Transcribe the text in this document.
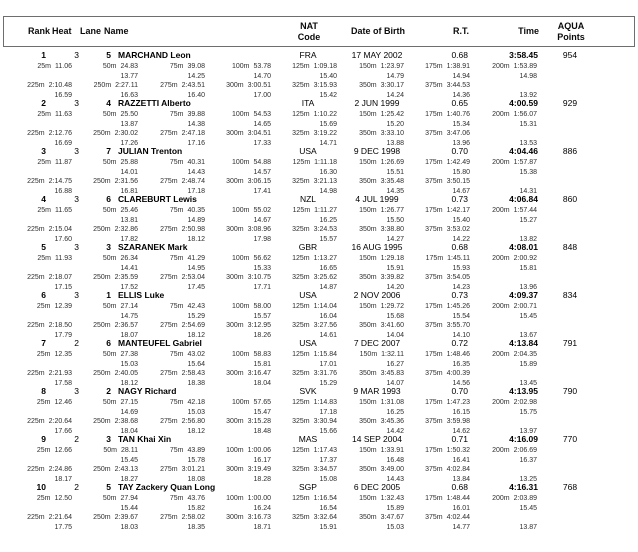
Rank Heat Lane Name
NAT
Code
Date of Birth	R.T.	Time
AQUA
Points
1	3	5 MARCHAND Leon	FRA	17 MAY 2002	0.68	3:58.45	954
25m 11.06	50m 24.83	75m 39.08	100m 53.78	125m 1:09.18	150m 1:23.97	175m 1:38.91	200m 1:53.89
13.77	14.25	14.70	15.40	14.79	14.94	14.98
225m 2:10.48	250m 2:27.11	275m 2:43.51	300m 3:00.51	325m 3:15.93	350m 3:30.17	375m 3:44.53
16.59	16.63	16.40	17.00	15.42	14.24	14.36	13.92
2	3	4 RAZZETTI Alberto	ITA	2 JUN 1999	0.65	4:00.59	929
25m 11.63	50m 25.50	75m 39.88	100m 54.53	125m 1:10.22	150m 1:25.42	175m 1:40.76	200m 1:56.07
13.87	14.38	14.65	15.69	15.20	15.34	15.31
225m 2:12.76	250m 2:30.02	275m 2:47.18	300m 3:04.51	325m 3:19.22	350m 3:33.10	375m 3:47.06
16.69	17.26	17.16	17.33	14.71	13.88	13.96	13.53
3	3	7 JULIAN Trenton	USA	9 DEC 1998	0.70	4:04.46	886
25m 11.87	50m 25.88	75m 40.31	100m 54.88	125m 1:11.18	150m 1:26.69	175m 1:42.49	200m 1:57.87
14.01	14.43	14.57	16.30	15.51	15.80	15.38
225m 2:14.75	250m 2:31.56	275m 2:48.74	300m 3:06.15	325m 3:21.13	350m 3:35.48	375m 3:50.15
16.88	16.81	17.18	17.41	14.98	14.35	14.67	14.31
4	3	6 CLAREBURT Lewis	NZL	4 JUL 1999	0.73	4:06.84	860
25m 11.65	50m 25.46	75m 40.35	100m 55.02	125m 1:11.27	150m 1:26.77	175m 1:42.17	200m 1:57.44
13.81	14.89	14.67	16.25	15.50	15.40	15.27
225m 2:15.04	250m 2:32.86	275m 2:50.98	300m 3:08.96	325m 3:24.53	350m 3:38.80	375m 3:53.02
17.60	17.82	18.12	17.98	15.57	14.27	14.22	13.82
5	3	3 SZARANEK Mark	GBR	16 AUG 1995	0.68	4:08.01	848
25m 11.93	50m 26.34	75m 41.29	100m 56.62	125m 1:13.27	150m 1:29.18	175m 1:45.11	200m 2:00.92
14.41	14.95	15.33	16.65	15.91	15.93	15.81
225m 2:18.07	250m 2:35.59	275m 2:53.04	300m 3:10.75	325m 3:25.62	350m 3:39.82	375m 3:54.05
17.15	17.52	17.45	17.71	14.87	14.20	14.23	13.96
6	3	1 ELLIS Luke	USA	2 NOV 2006	0.73	4:09.37	834
25m 12.39	50m 27.14	75m 42.43	100m 58.00	125m 1:14.04	150m 1:29.72	175m 1:45.26	200m 2:00.71
14.75	15.29	15.57	16.04	15.68	15.54	15.45
225m 2:18.50	250m 2:36.57	275m 2:54.69	300m 3:12.95	325m 3:27.56	350m 3:41.60	375m 3:55.70
17.79	18.07	18.12	18.26	14.61	14.04	14.10	13.67
7	2	6 MANTEUFEL Gabriel	USA	7 DEC 2007	0.72	4:13.84	791
25m 12.35	50m 27.38	75m 43.02	100m 58.83	125m 1:15.84	150m 1:32.11	175m 1:48.46	200m 2:04.35
15.03	15.64	15.81	17.01	16.27	16.35	15.89
225m 2:21.93	250m 2:40.05	275m 2:58.43	300m 3:16.47	325m 3:31.76	350m 3:45.83	375m 4:00.39
17.58	18.12	18.38	18.04	15.29	14.07	14.56	13.45
8	3	2 NAGY Richard	SVK	9 MAR 1993	0.70	4:13.95	790
25m 12.46	50m 27.15	75m 42.18	100m 57.65	125m 1:14.83	150m 1:31.08	175m 1:47.23	200m 2:02.98
14.69	15.03	15.47	17.18	16.25	16.15	15.75
225m 2:20.64	250m 2:38.68	275m 2:56.80	300m 3:15.28	325m 3:30.94	350m 3:45.36	375m 3:59.98
17.66	18.04	18.12	18.48	15.66	14.42	14.62	13.97
9	2	3 TAN Khai Xin	MAS	14 SEP 2004	0.71	4:16.09	770
25m 12.66	50m 28.11	75m 43.89	100m 1:00.06	125m 1:17.43	150m 1:33.91	175m 1:50.32	200m 2:06.69
15.45	15.78	16.17	17.37	16.48	16.41	16.37
225m 2:24.86	250m 2:43.13	275m 3:01.21	300m 3:19.49	325m 3:34.57	350m 3:49.00	375m 4:02.84
18.17	18.27	18.08	18.28	15.08	14.43	13.84	13.25
10	2	5 TAY Zackery Quan Long	SGP	6 DEC 2005	0.68	4:16.31	768
25m 12.50	50m 27.94	75m 43.76	100m 1:00.00	125m 1:16.54	150m 1:32.43	175m 1:48.44	200m 2:03.89
15.44	15.82	16.24	16.54	15.89	16.01	15.45
225m 2:21.64	250m 2:39.67	275m 2:58.02	300m 3:16.73	325m 3:32.64	350m 3:47.67	375m 4:02.44
17.75	18.03	18.35	18.71	15.91	15.03	14.77	13.87
